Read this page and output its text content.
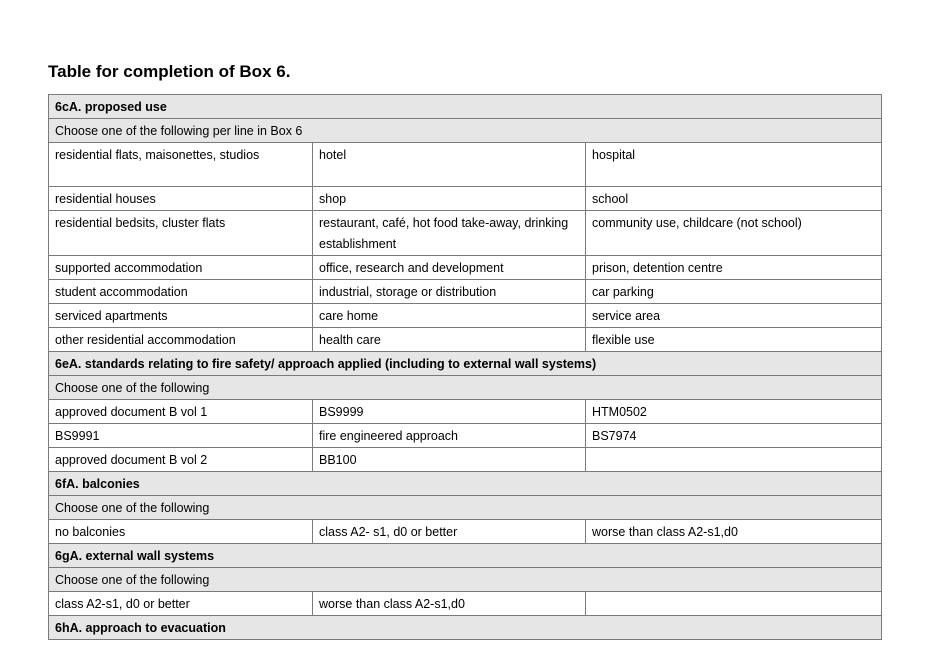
Table for completion of Box 6.
6cA. proposed use		
Choose one of the following per line in Box 6		
residential flats, maisonettes, studios	hotel	hospital
residential houses	shop	school
residential bedsits, cluster flats	restaurant, café, hot food take-away, drinking establishment	community use, childcare (not school)
supported accommodation	office, research and development	prison, detention centre
student accommodation	industrial, storage or distribution	car parking
serviced apartments	care home	service area
other residential accommodation	health care	flexible use
6eA. standards relating to fire safety/ approach applied (including to external wall systems)		
Choose one of the following		
approved document B vol 1	BS9999	HTM0502
BS9991	fire engineered approach	BS7974
approved document B vol 2	BB100	
6fA. balconies		
Choose one of the following		
no balconies	class A2- s1, d0 or better	worse than class A2-s1,d0
6gA. external wall systems		
Choose one of the following		
class A2-s1, d0 or better	worse than class A2-s1,d0	
6hA. approach to evacuation		
